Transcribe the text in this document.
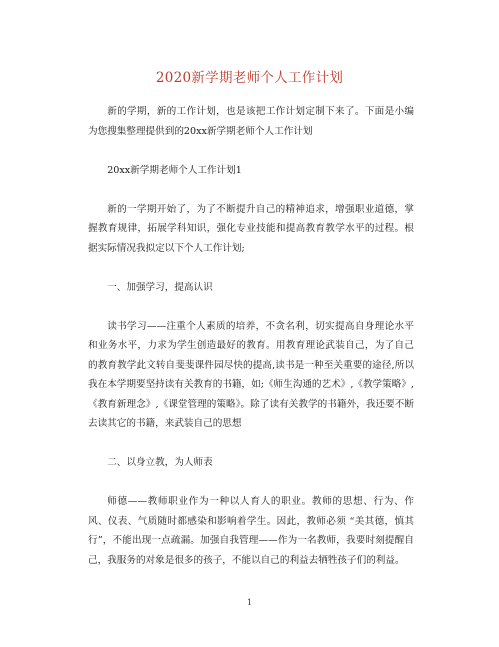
2020新学期老师个人工作计划

新的学期，新的工作计划，也是该把工作计划定制下来了。下面是小编为您搜集整理提供到的20xx新学期老师个人工作计划

20xx新学期老师个人工作计划1

新的一学期开始了，为了不断提升自己的精神追求，增强职业道德，掌握教育规律，拓展学科知识，强化专业技能和提高教育教学水平的过程。根据实际情况我拟定以下个人工作计划;

一、加强学习，提高认识

读书学习——注重个人素质的培养，不贪名利，切实提高自身理论水平和业务水平，力求为学生创造最好的教育。用教育理论武装自己，为了自己的教育教学此文转自斐斐课件园尽快的提高,读书是一种至关重要的途径,所以我在本学期要坚持读有关教育的书籍，如;《师生沟通的艺术》,《教学策略》,《教育新理念》,《课堂管理的策略》。除了读有关教学的书籍外，我还要不断去读其它的书籍，来武装自己的思想

二、以身立教，为人师表

师德——教师职业作为一种以人育人的职业。教师的思想、行为、作风、仪表、气质随时都感染和影响着学生。因此，教师必须 “美其德，慎其行”，不能出现一点疏漏。加强自我管理——作为一名教师，我要时刻提醒自己，我服务的对象是很多的孩子，不能以自己的利益去牺牲孩子们的利益。

1
